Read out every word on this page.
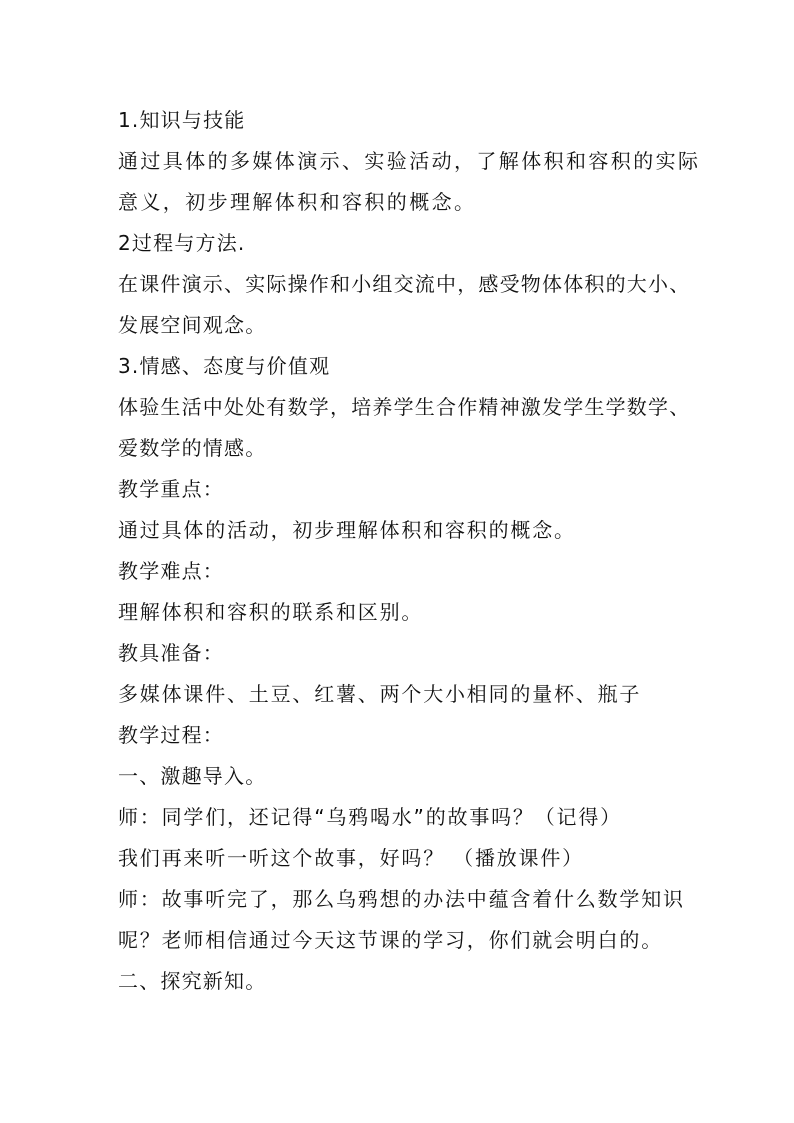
1.知识与技能

通过具体的多媒体演示、实验活动，了解体积和容积的实际

意义，初步理解体积和容积的概念。

2过程与方法.

在课件演示、实际操作和小组交流中，感受物体体积的大小、

发展空间观念。

3.情感、态度与价值观

体验生活中处处有数学，培养学生合作精神激发学生学数学、

爱数学的情感。

教学重点：

通过具体的活动，初步理解体积和容积的概念。

教学难点：

理解体积和容积的联系和区别。

教具准备：

多媒体课件、土豆、红薯、两个大小相同的量杯、瓶子

教学过程：

一、激趣导入。

师：同学们，还记得“乌鸦喝水”的故事吗？（记得）

我们再来听一听这个故事，好吗？ （播放课件）

师：故事听完了，那么乌鸦想的办法中蕴含着什么数学知识

呢？老师相信通过今天这节课的学习，你们就会明白的。

二、探究新知。
